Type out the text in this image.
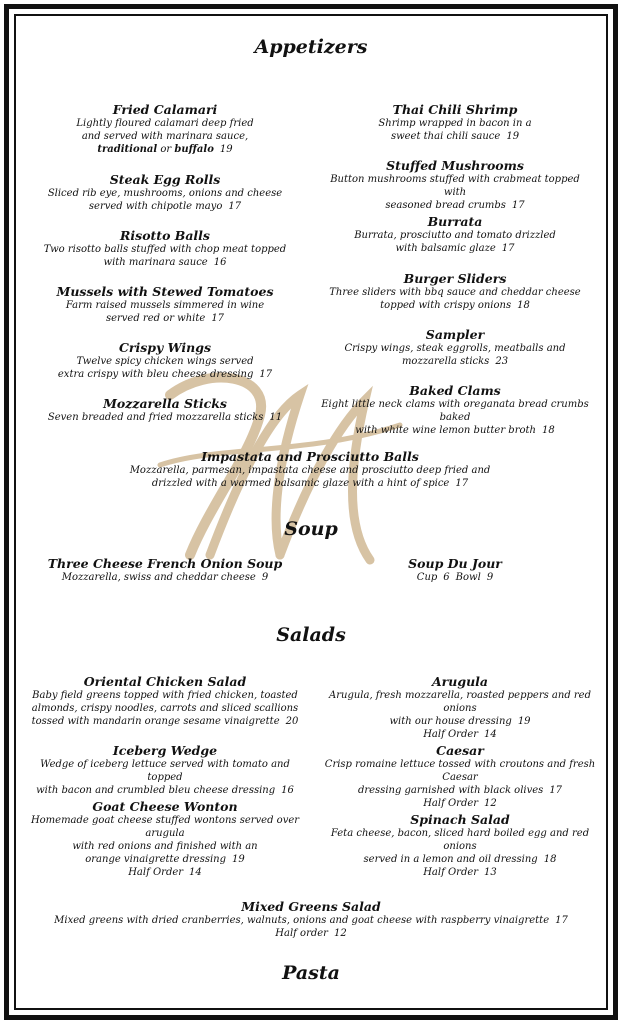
Appetizers
Fried Calamari
Lightly floured calamari deep fried
and served with marinara sauce,
traditional or buffalo 19
Steak Egg Rolls
Sliced rib eye, mushrooms, onions and cheese
served with chipotle mayo 17
Risotto Balls
Two risotto balls stuffed with chop meat topped
with marinara sauce 16
Mussels with Stewed Tomatoes
Farm raised mussels simmered in wine
served red or white 17
Crispy Wings
Twelve spicy chicken wings served
extra crispy with bleu cheese dressing 17
Mozzarella Sticks
Seven breaded and fried mozzarella sticks 11
Thai Chili Shrimp
Shrimp wrapped in bacon in a
sweet thai chili sauce 19
Stuffed Mushrooms
Button mushrooms stuffed with crabmeat topped with
seasoned bread crumbs 17
Burrata
Burrata, prosciutto and tomato drizzled
with balsamic glaze 17
Burger Sliders
Three sliders with bbq sauce and cheddar cheese
topped with crispy onions 18
Sampler
Crispy wings, steak eggrolls, meatballs and
mozzarella sticks 23
Baked Clams
Eight little neck clams with oreganata bread crumbs baked
with white wine lemon butter broth 18
Impastata and Prosciutto Balls
Mozzarella, parmesan, impastata cheese and prosciutto deep fried and
drizzled with a warmed balsamic glaze with a hint of spice 17
Soup
Three Cheese French Onion Soup
Mozzarella, swiss and cheddar cheese 9
Soup Du Jour
Cup 6 Bowl 9
Salads
Oriental Chicken Salad
Baby field greens topped with fried chicken, toasted
almonds, crispy noodles, carrots and sliced scallions
tossed with mandarin orange sesame vinaigrette 20
Iceberg Wedge
Wedge of iceberg lettuce served with tomato and topped
with bacon and crumbled bleu cheese dressing 16
Goat Cheese Wonton
Homemade goat cheese stuffed wontons served over arugula
with red onions and finished with an
orange vinaigrette dressing 19
Half Order 14
Arugula
Arugula, fresh mozzarella, roasted peppers and red onions
with our house dressing 19
Half Order 14
Caesar
Crisp romaine lettuce tossed with croutons and fresh Caesar
dressing garnished with black olives 17
Half Order 12
Spinach Salad
Feta cheese, bacon, sliced hard boiled egg and red onions
served in a lemon and oil dressing 18
Half Order 13
Mixed Greens Salad
Mixed greens with dried cranberries, walnuts, onions and goat cheese with raspberry vinaigrette 17
Half order 12
Pasta
